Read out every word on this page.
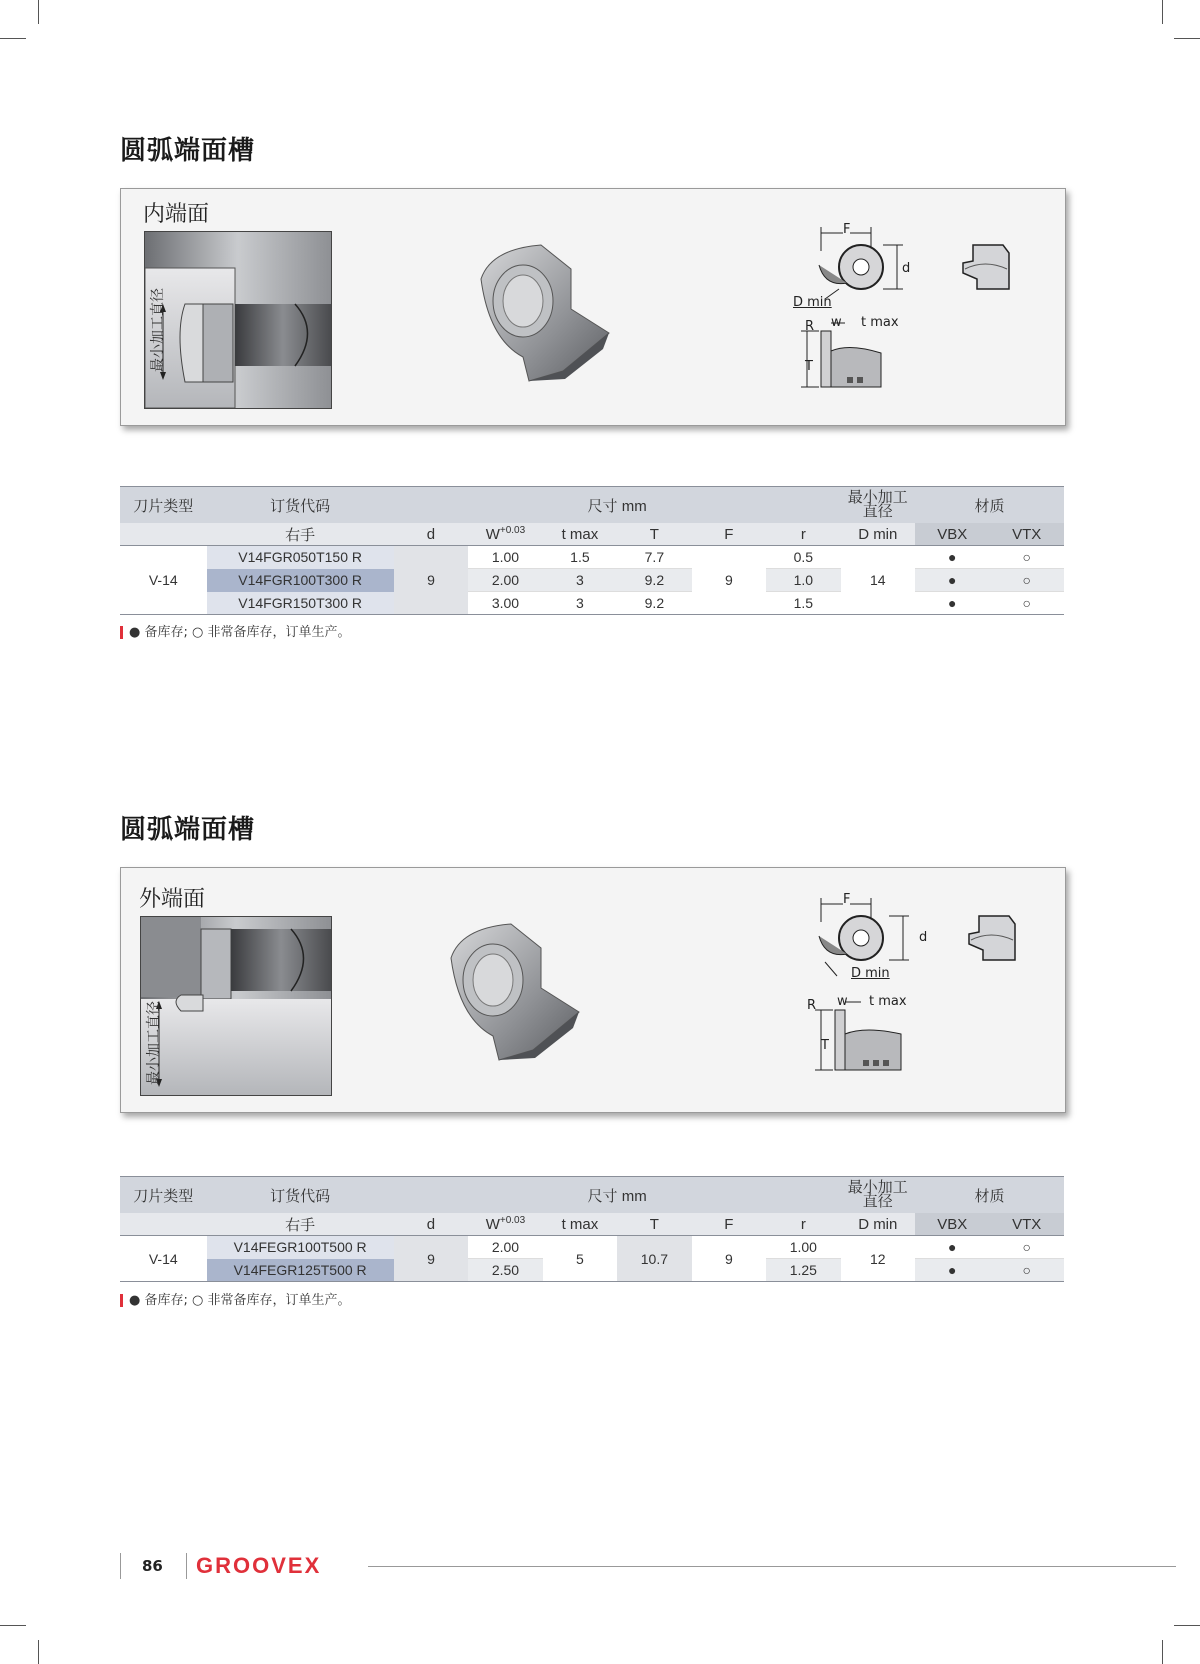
圆弧端面槽
内端面
最小加工直径
F
d
D min
R w t max
T
刀片类型	订货代码	尺寸 mm						最小加工直径	材质	
	右手	d	$W^{+0.03}$	t max	T	F	r	D min	VBX	VTX
V-14	V14FGR050T150 R	9	1.00	1.5	7.7	9	0.5	14	●	○
	V14FGR100T300 R		2.00	3	9.2		1.0		●	○
	V14FGR150T300 R		3.00	3	9.2		1.5		●	○
● 备库存; ○ 非常备库存，订单生产。
圆弧端面槽
外端面
最小加工直径
F
d
D min
R w t max
T
刀片类型	订货代码	尺寸 mm						最小加工直径	材质	
	右手	d	$W^{+0.03}$	t max	T	F	r	D min	VBX	VTX
V-14	V14FEGR100T500 R	9	2.00	5	10.7	9	1.00	12	●	○
	V14FEGR125T500 R		2.50				1.25		●	○
● 备库存; ○ 非常备库存，订单生产。
86 GROOVEX
